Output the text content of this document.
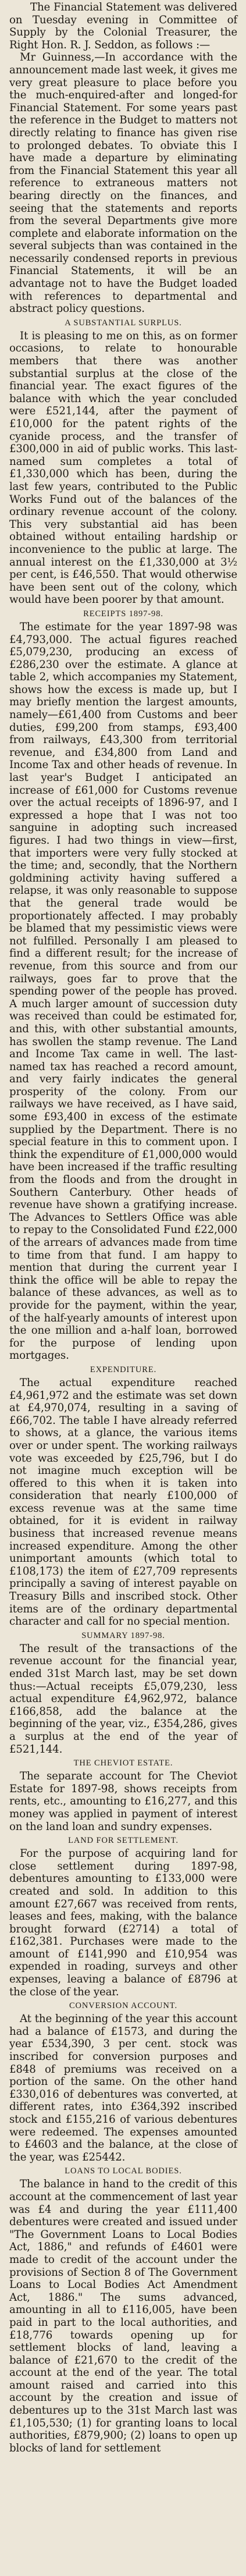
The Financial Statement was delivered on Tuesday evening in Committee of Supply by the Colonial Treasurer, the Right Hon. R. J. Seddon, as follows :—

Mr Guinness,—In accordance with the announcement made last week, it gives me very great pleasure to place before you the much-enquired-after and longed-for Financial Statement. For some years past the reference in the Budget to matters not directly relating to finance has given rise to prolonged debates. To obviate this I have made a departure by eliminating from the Financial Statement this year all reference to extraneous matters not bearing directly on the finances, and seeing that the statements and reports from the several Departments give more complete and elaborate information on the several subjects than was contained in the necessarily condensed reports in previous Financial Statements, it will be an advantage not to have the Budget loaded with references to departmental and abstract policy questions.

A SUBSTANTIAL SURPLUS.

It is pleasing to me on this, as on former occasions, to relate to honourable members that there was another substantial surplus at the close of the financial year. The exact figures of the balance with which the year concluded were £521,144, after the payment of £10,000 for the patent rights of the cyanide process, and the transfer of £300,000 in aid of public works. This last-named sum completes a total of £1,330,000 which has been, during the last few years, contributed to the Public Works Fund out of the balances of the ordinary revenue account of the colony. This very substantial aid has been obtained without entailing hardship or inconvenience to the public at large. The annual interest on the £1,330,000 at 3½ per cent, is £46,550. That would otherwise have been sent out of the colony, which would have been poorer by that amount.

RECEIPTS 1897-98.

The estimate for the year 1897-98 was £4,793,000. The actual figures reached £5,079,230, producing an excess of £286,230 over the estimate. A glance at table 2, which accompanies my Statement, shows how the excess is made up, but I may briefly mention the largest amounts, namely—£61,400 from Customs and beer duties, £99,200 from stamps, £93,400 from railways, £43,300 from territorial revenue, and £34,800 from Land and Income Tax and other heads of revenue. In last year's Budget I anticipated an increase of £61,000 for Customs revenue over the actual receipts of 1896-97, and I expressed a hope that I was not too sanguine in adopting such increased figures. I had two things in view—first, that importers were very fully stocked at the time; and, secondly, that the Northern goldmining activity having suffered a relapse, it was only reasonable to suppose that the general trade would be proportionately affected. I may probably be blamed that my pessimistic views were not fulfilled. Personally I am pleased to find a different result; for the increase of revenue, from this source and from our railways, goes far to prove that the spending power of the people has proved. A much larger amount of succession duty was received than could be estimated for, and this, with other substantial amounts, has swollen the stamp revenue. The Land and Income Tax came in well. The last-named tax has reached a record amount, and very fairly indicates the general prosperity of the colony. From our railways we have received, as I have said, some £93,400 in excess of the estimate supplied by the Department. There is no special feature in this to comment upon. I think the expenditure of £1,000,000 would have been increased if the traffic resulting from the floods and from the drought in Southern Canterbury. Other heads of revenue have shown a gratifying increase. The Advances to Settlers Office was able to repay to the Consolidated Fund £22,000 of the arrears of advances made from time to time from that fund. I am happy to mention that during the current year I think the office will be able to repay the balance of these advances, as well as to provide for the payment, within the year, of the half-yearly amounts of interest upon the one million and a-half loan, borrowed for the purpose of lending upon mortgages.

EXPENDITURE.

The actual expenditure reached £4,961,972 and the estimate was set down at £4,970,074, resulting in a saving of £66,702. The table I have already referred to shows, at a glance, the various items over or under spent. The working railways vote was exceeded by £25,796, but I do not imagine much exception will be offered to this when it is taken into consideration that nearly £100,000 of excess revenue was at the same time obtained, for it is evident in railway business that increased revenue means increased expenditure. Among the other unimportant amounts (which total to £108,173) the item of £27,709 represents principally a saving of interest payable on Treasury Bills and inscribed stock. Other items are of the ordinary departmental character and call for no special mention.

SUMMARY 1897-98.

The result of the transactions of the revenue account for the financial year, ended 31st March last, may be set down thus:—Actual receipts £5,079,230, less actual expenditure £4,962,972, balance £166,858, add the balance at the beginning of the year, viz., £354,286, gives a surplus at the end of the year of £521,144.

THE CHEVIOT ESTATE.

The separate account for The Cheviot Estate for 1897-98, shows receipts from rents, etc., amounting to £16,277, and this money was applied in payment of interest on the land loan and sundry expenses.

LAND FOR SETTLEMENT.

For the purpose of acquiring land for close settlement during 1897-98, debentures amounting to £133,000 were created and sold. In addition to this amount £27,667 was received from rents, leases and fees, making, with the balance brought forward (£2714) a total of £162,381. Purchases were made to the amount of £141,990 and £10,954 was expended in roading, surveys and other expenses, leaving a balance of £8796 at the close of the year.

CONVERSION ACCOUNT.

At the beginning of the year this account had a balance of £1573, and during the year £534,390, 3 per cent. stock was inscribed for conversion purposes and £848 of premiums was received on a portion of the same. On the other hand £330,016 of debentures was converted, at different rates, into £364,392 inscribed stock and £155,216 of various debentures were redeemed. The expenses amounted to £4603 and the balance, at the close of the year, was £25442.

LOANS TO LOCAL BODIES.

The balance in hand to the credit of this account at the commencement of last year was £4 and during the year £111,400 debentures were created and issued under "The Government Loans to Local Bodies Act, 1886," and refunds of £4601 were made to credit of the account under the provisions of Section 8 of The Government Loans to Local Bodies Act Amendment Act, 1886." The sums advanced, amounting in all to £116,005, have been paid in part to the local authorities, and £18,776 towards opening up for settlement blocks of land, leaving a balance of £21,670 to the credit of the account at the end of the year. The total amount raised and carried into this account by the creation and issue of debentures up to the 31st March last was £1,105,530; (1) for granting loans to local authorities, £879,900; (2) loans to open up blocks of land for settlement
